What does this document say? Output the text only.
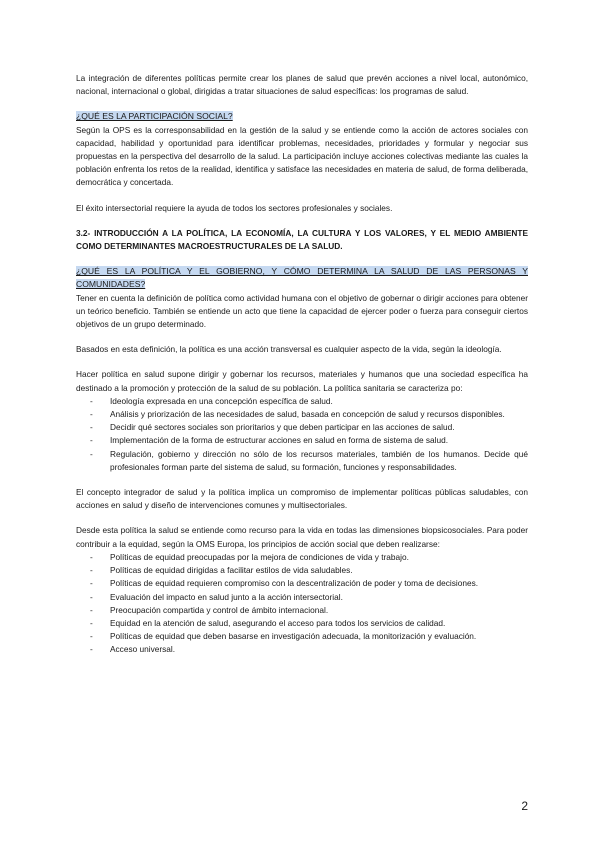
La integración de diferentes políticas permite crear los planes de salud que prevén acciones a nivel local, autonómico, nacional, internacional o global, dirigidas a tratar situaciones de salud específicas: los programas de salud.

¿QUÉ ES LA PARTICIPACIÓN SOCIAL?

Según la OPS es la corresponsabilidad en la gestión de la salud y se entiende como la acción de actores sociales con capacidad, habilidad y oportunidad para identificar problemas, necesidades, prioridades y formular y negociar sus propuestas en la perspectiva del desarrollo de la salud. La participación incluye acciones colectivas mediante las cuales la población enfrenta los retos de la realidad, identifica y satisface las necesidades en materia de salud, de forma deliberada, democrática y concertada.

El éxito intersectorial requiere la ayuda de todos los sectores profesionales y sociales.

3.2- INTRODUCCIÓN A LA POLÍTICA, LA ECONOMÍA, LA CULTURA Y LOS VALORES, Y EL MEDIO AMBIENTE COMO DETERMINANTES MACROESTRUCTURALES DE LA SALUD.

¿QUÉ ES LA POLÍTICA Y EL GOBIERNO, Y CÓMO DETERMINA LA SALUD DE LAS PERSONAS Y COMUNIDADES?

Tener en cuenta la definición de política como actividad humana con el objetivo de gobernar o dirigir acciones para obtener un teórico beneficio. También se entiende un acto que tiene la capacidad de ejercer poder o fuerza para conseguir ciertos objetivos de un grupo determinado.

Basados en esta definición, la política es una acción transversal es cualquier aspecto de la vida, según la ideología.

Hacer política en salud supone dirigir y gobernar los recursos, materiales y humanos que una sociedad específica ha destinado a la promoción y protección de la salud de su población. La política sanitaria se caracteriza po:

- Ideología expresada en una concepción específica de salud.
- Análisis y priorización de las necesidades de salud, basada en concepción de salud y recursos disponibles.
- Decidir qué sectores sociales son prioritarios y que deben participar en las acciones de salud.
- Implementación de la forma de estructurar acciones en salud en forma de sistema de salud.
- Regulación, gobierno y dirección no sólo de los recursos materiales, también de los humanos. Decide qué profesionales forman parte del sistema de salud, su formación, funciones y responsabilidades.

El concepto integrador de salud y la política implica un compromiso de implementar políticas públicas saludables, con acciones en salud y diseño de intervenciones comunes y multisectoriales.

Desde esta política la salud se entiende como recurso para la vida en todas las dimensiones biopsicosociales. Para poder contribuir a la equidad, según la OMS Europa, los principios de acción social que deben realizarse:

- Políticas de equidad preocupadas por la mejora de condiciones de vida y trabajo.
- Políticas de equidad dirigidas a facilitar estilos de vida saludables.
- Políticas de equidad requieren compromiso con la descentralización de poder y toma de decisiones.
- Evaluación del impacto en salud junto a la acción intersectorial.
- Preocupación compartida y control de ámbito internacional.
- Equidad en la atención de salud, asegurando el acceso para todos los servicios de calidad.
- Políticas de equidad que deben basarse en investigación adecuada, la monitorización y evaluación.
- Acceso universal.
2
